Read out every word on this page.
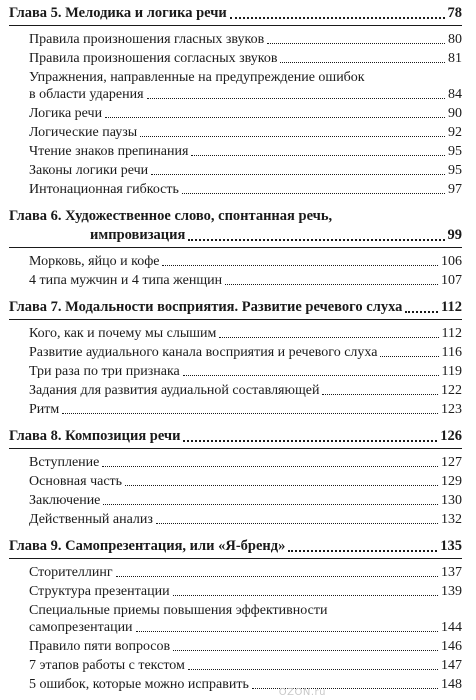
Глава 5. Мелодика и логика речи	78
Правила произношения гласных звуков	80
Правила произношения согласных звуков	81
Упражнения, направленные на предупреждение ошибок
в области ударения	84
Логика речи	90
Логические паузы	92
Чтение знаков препинания	95
Законы логики речи	95
Интонационная гибкость	97
Глава 6. Художественное слово, спонтанная речь,
импровизация	99
Морковь, яйцо и кофе	106
4 типа мужчин и 4 типа женщин	107
Глава 7. Модальности восприятия. Развитие речевого слуха	112
Кого, как и почему мы слышим	112
Развитие аудиального канала восприятия и речевого слуха	116
Три раза по три признака	119
Задания для развития аудиальной составляющей	122
Ритм	123
Глава 8. Композиция речи	126
Вступление	127
Основная часть	129
Заключение	130
Действенный анализ	132
Глава 9. Самопрезентация, или «Я-бренд»	135
Сторителлинг	137
Структура презентации	139
Специальные приемы повышения эффективности
самопрезентации	144
Правило пяти вопросов	146
7 этапов работы с текстом	147
5 ошибок, которые можно исправить	148
OZON.ru
